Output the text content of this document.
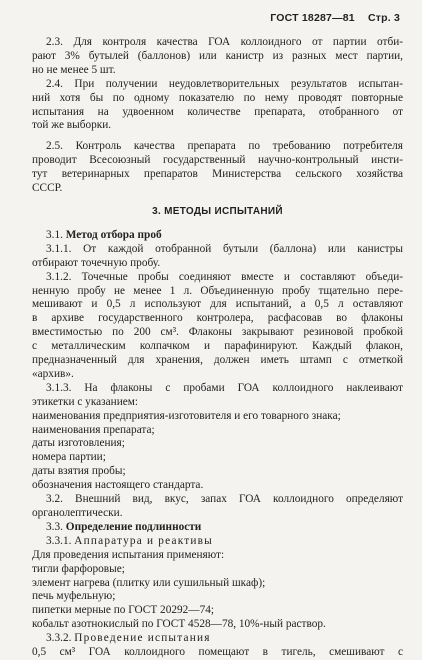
ГОСТ 18287—81 Стр. 3
2.3. Для контроля качества ГОА коллоидного от партии отби-
рают 3% бутылей (баллонов) или канистр из разных мест партии,
но не менее 5 шт.
2.4. При получении неудовлетворительных результатов испытан-
ний хотя бы по одному показателю по нему проводят повторные
испытания на удвоенном количестве препарата, отобранного от
той же выборки.
2.5. Контроль качества препарата по требованию потребителя
проводит Всесоюзный государственный научно-контрольный инсти-
тут ветеринарных препаратов Министерства сельского хозяйства
СССР.
3. МЕТОДЫ ИСПЫТАНИЙ
3.1. Метод отбора проб
3.1.1. От каждой отобранной бутыли (баллона) или канистры
отбирают точечную пробу.
3.1.2. Точечные пробы соединяют вместе и составляют объеди-
ненную пробу не менее 1 л. Объединенную пробу тщательно пере-
мешивают и 0,5 л используют для испытаний, а 0,5 л оставляют
в архиве государственного контролера, расфасовав во флаконы
вместимостью по 200 см³. Флаконы закрывают резиновой пробкой
с металлическим колпачком и парафинируют. Каждый флакон,
предназначенный для хранения, должен иметь штамп с отметкой
«архив».
3.1.3. На флаконы с пробами ГОА коллоидного наклеивают
этикетки с указанием:
наименования предприятия-изготовителя и его товарного знака;
наименования препарата;
даты изготовления;
номера партии;
даты взятия пробы;
обозначения настоящего стандарта.
3.2. Внешний вид, вкус, запах ГОА коллоидного определяют
органолептически.
3.3. Определение подлинности
3.3.1. Аппаратура и реактивы
Для проведения испытания применяют:
тигли фарфоровые;
элемент нагрева (плитку или сушильный шкаф);
печь муфельную;
пипетки мерные по ГОСТ 20292—74;
кобальт азотнокислый по ГОСТ 4528—78, 10%-ный раствор.
3.3.2. Проведение испытания
0,5 см³ ГОА коллоидного помещают в тигель, смешивают с
